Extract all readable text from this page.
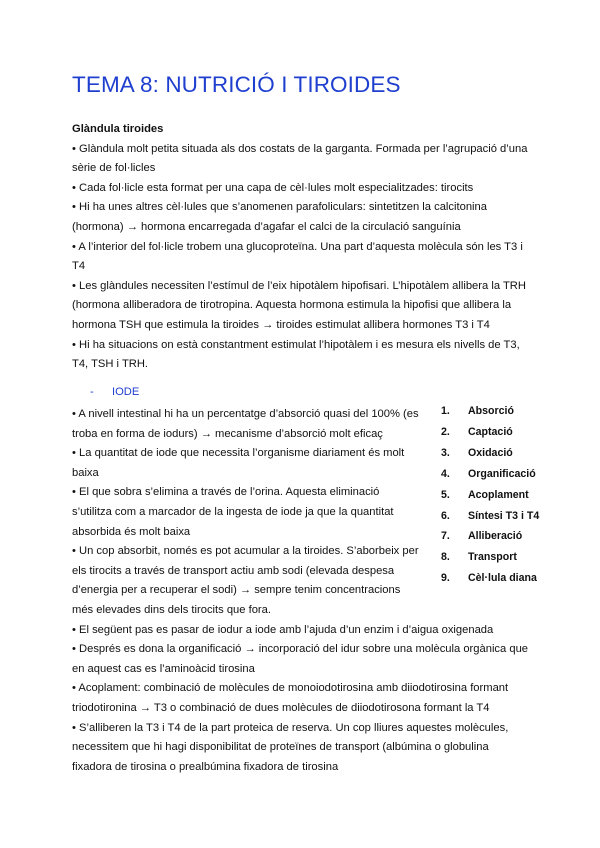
TEMA 8: NUTRICIÓ I TIROIDES
Glàndula tiroides
• Glàndula molt petita situada als dos costats de la garganta. Formada per l’agrupació d’una
sèrie de fol·licles
• Cada fol·licle esta format per una capa de cèl·lules molt especialitzades: tirocits
• Hi ha unes altres cèl·lules que s’anomenen parafoliculars: sintetitzen la calcitonina
(hormona) → hormona encarregada d’agafar el calci de la circulació sanguínia
• A l’interior del fol·licle trobem una glucoproteïna. Una part d’aquesta molècula són les T3 i
T4
• Les glàndules necessiten l’estímul de l’eix hipotàlem hipofisari. L’hipotàlem allibera la TRH
(hormona alliberadora de tirotropina. Aquesta hormona estimula la hipofisi que allibera la
hormona TSH que estimula la tiroides → tiroides estimulat allibera hormones T3 i T4
• Hi ha situacions on està constantment estimulat l’hipotàlem i es mesura els nivells de T3,
T4, TSH i TRH.
- IODE
• A nivell intestinal hi ha un percentatge d’absorció quasi del 100% (es
troba en forma de iodurs) → mecanisme d’absorció molt eficaç
• La quantitat de iode que necessita l’organisme diariament és molt
baixa
• El que sobra s’elimina a través de l’orina. Aquesta eliminació
s’utilitza com a marcador de la ingesta de iode ja que la quantitat
absorbida és molt baixa
• Un cop absorbit, només es pot acumular a la tiroides. S’aborbeix per
els tirocits a través de transport actiu amb sodi (elevada despesa
d’energia per a recuperar el sodi) → sempre tenim concentracions
més elevades dins dels tirocits que fora.
• El següent pas es pasar de iodur a iode amb l’ajuda d’un enzim i d’aigua oxigenada
• Després es dona la organificació → incorporació del idur sobre una molècula orgànica que
en aquest cas es l’aminoàcid tirosina
• Acoplament: combinació de molècules de monoiodotirosina amb diiodotirosina formant
triodotironina → T3 o combinació de dues molècules de diiodotirosona formant la T4
• S’alliberen la T3 i T4 de la part proteica de reserva. Un cop lliures aquestes molècules,
necessitem que hi hagi disponibilitat de proteïnes de transport (albúmina o globulina
fixadora de tirosina o prealbúmina fixadora de tirosina
1. Absorció
2. Captació
3. Oxidació
4. Organificació
5. Acoplament
6. Síntesi T3 i T4
7. Alliberació
8. Transport
9. Cèl·lula diana
